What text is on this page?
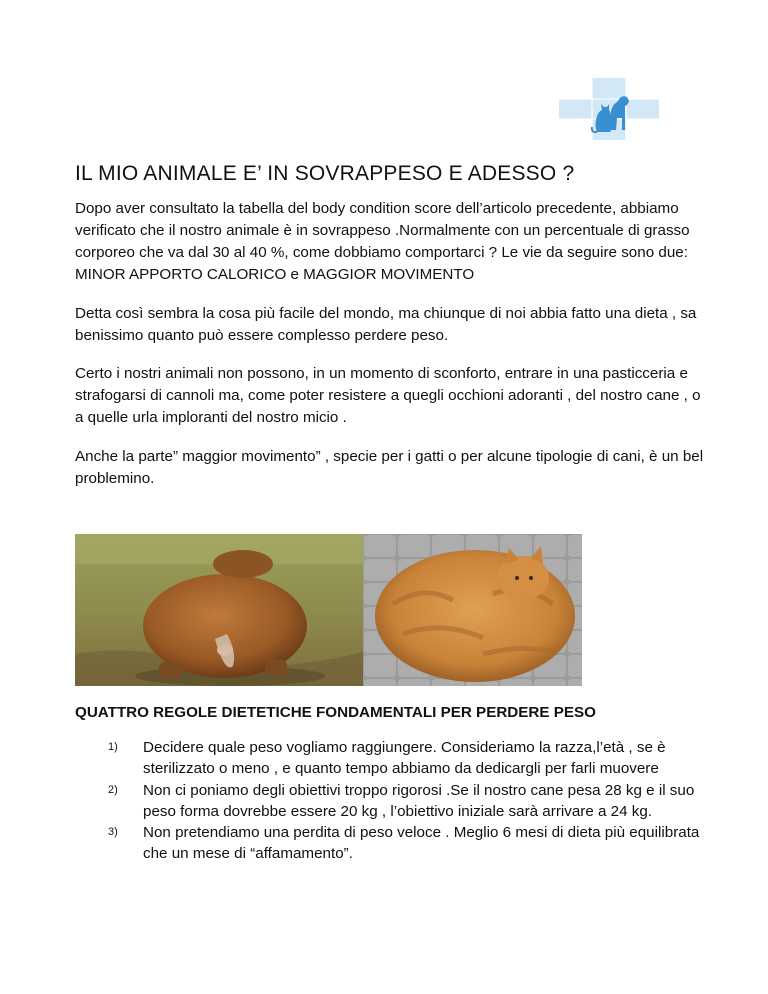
IL MIO ANIMALE E’ IN SOVRAPPESO E ADESSO ?

Dopo aver consultato la tabella del body condition score dell’articolo precedente, abbiamo verificato che il nostro animale è in sovrappeso .Normalmente con un percentuale di grasso corporeo che va dal 30 al 40 %, come dobbiamo comportarci ? Le vie da seguire sono due: MINOR APPORTO CALORICO e MAGGIOR MOVIMENTO

Detta così sembra la cosa più facile del mondo, ma chiunque di noi abbia fatto una dieta , sa benissimo quanto può essere complesso perdere peso.

Certo i nostri animali non possono, in un momento di sconforto, entrare in una pasticceria e strafogarsi di cannoli ma, come poter resistere a quegli occhioni adoranti , del nostro cane , o a quelle urla imploranti del nostro micio .

Anche la parte” maggior movimento” , specie per i gatti o per alcune tipologie di cani, è un bel problemino.

QUATTRO REGOLE DIETETICHE FONDAMENTALI PER PERDERE PESO
1) Decidere quale peso vogliamo raggiungere. Consideriamo la razza,l’età , se è sterilizzato o meno , e quanto tempo abbiamo da dedicargli per farli muovere
2) Non ci poniamo degli obiettivi troppo rigorosi .Se il nostro cane pesa 28 kg e il suo peso forma dovrebbe essere 20 kg , l’obiettivo iniziale sarà arrivare a 24 kg.
3) Non pretendiamo una perdita di peso veloce . Meglio 6 mesi di dieta più equilibrata che un mese di “affamamento”.
